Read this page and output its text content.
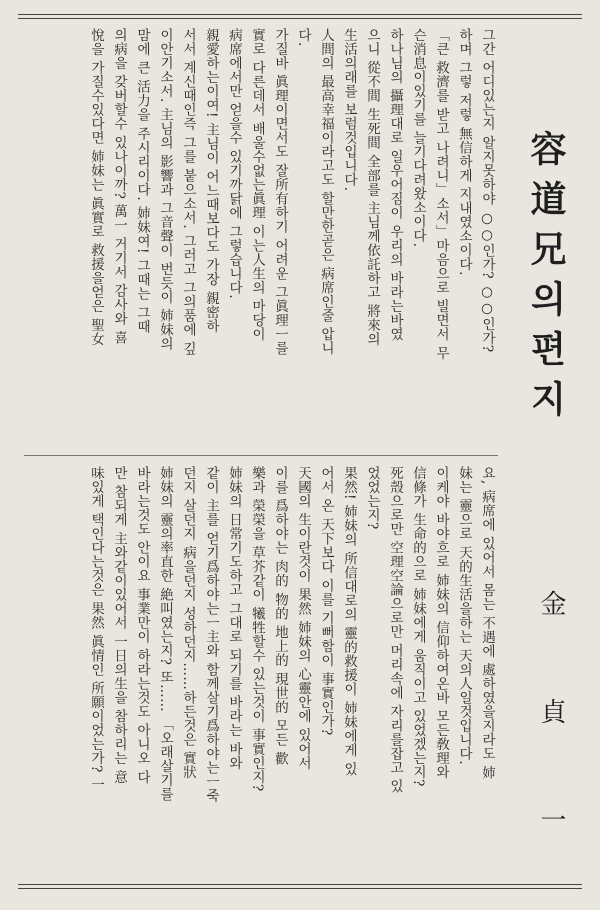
容道兄의편지
金 貞 一
그간 어디있는지 알지못하야 ○○인가? ○○인가?
하며 그렇 저렇 無信하게 지내였소이다.
「큰 救濟를 받고 나려니」소서」마음으로 빌면서 무
슨消息이있기를 늘기다려왔소이다.
하나님의 攝理대로 일우어짐이 우리의 바라는바였
으니 從不間 生死間 全部를 主님께依託하고 將來의
生活의래를 보럼것입니다.
人間의 最高幸福이라고도 할만한곧은 病席인줄 압니
다.
가질바 眞理이면서도 잘所有하기 어려운 그眞理ㅡ를
實로 다른데서 배울수없는眞理 이는人生의 마당이
病席에서만 얻을수 있기까닭에 그렇습니다.
親愛하는이여! 主님이 어느때보다도 가장 親密하
서서 계신때인즉 그를 붙으소서. 그러고 그의품에 깊
이안기소서. 主님의 影響과 그音聲이 번듯이 姉妹의
맘에 큰 活力을 주시리이다. 姉妹여! 그때는 그때
의病을 갖버할수 있나이까? 萬一 거기서 감사와 喜
悅을 가질수있다면 姉妹는 眞實로 救援을얻은 聖女
요, 病席에 있어서 몸는 不遇에 處하였을지라도 姉
妹는 靈으로 天的生活을하는 天의人일것입니다.
이케야 바야흐로 姉妹의 信仰하여온바 모든敎理와
信條가 生命的으로 姉妹에게 움직이고 있었겠는지?
死殼으로만 空理空論으로만 머리속에 자리를잡고 있
었었는지?
果然! 姉妹의 所信대로의 靈的救援이 姉妹에게 있
어서 온 天下보다 이를 기뻐함이 事實인가?
天國의 生이란것이 果然 姉妹의 心靈안에 있어서
이를 爲하야는 肉的 物的 地上的 現世的 모든 歡
樂과 榮榮을 草芥같이 犧牲할수 있는것이 事實인지?
姉妹의 日常기도하고 그대로 되기를 바라는 바와
같이 主를 얻기爲하야는ㅡ主와 함께살기爲하야는ㅡ죽
던지 살던지 病을던지 성하던지……하든것은 實狀
姉妹의 靈의率直한 絶叫였는지? 또…… 「오래살기를
바라는것도 안이요 事業만이 하라는것도 아니오 다
만 참되게 主와같이있어서 一日의生을 참하리는 意
味있게 택인다는것은 果然 眞情인 所願이었는가? 一
